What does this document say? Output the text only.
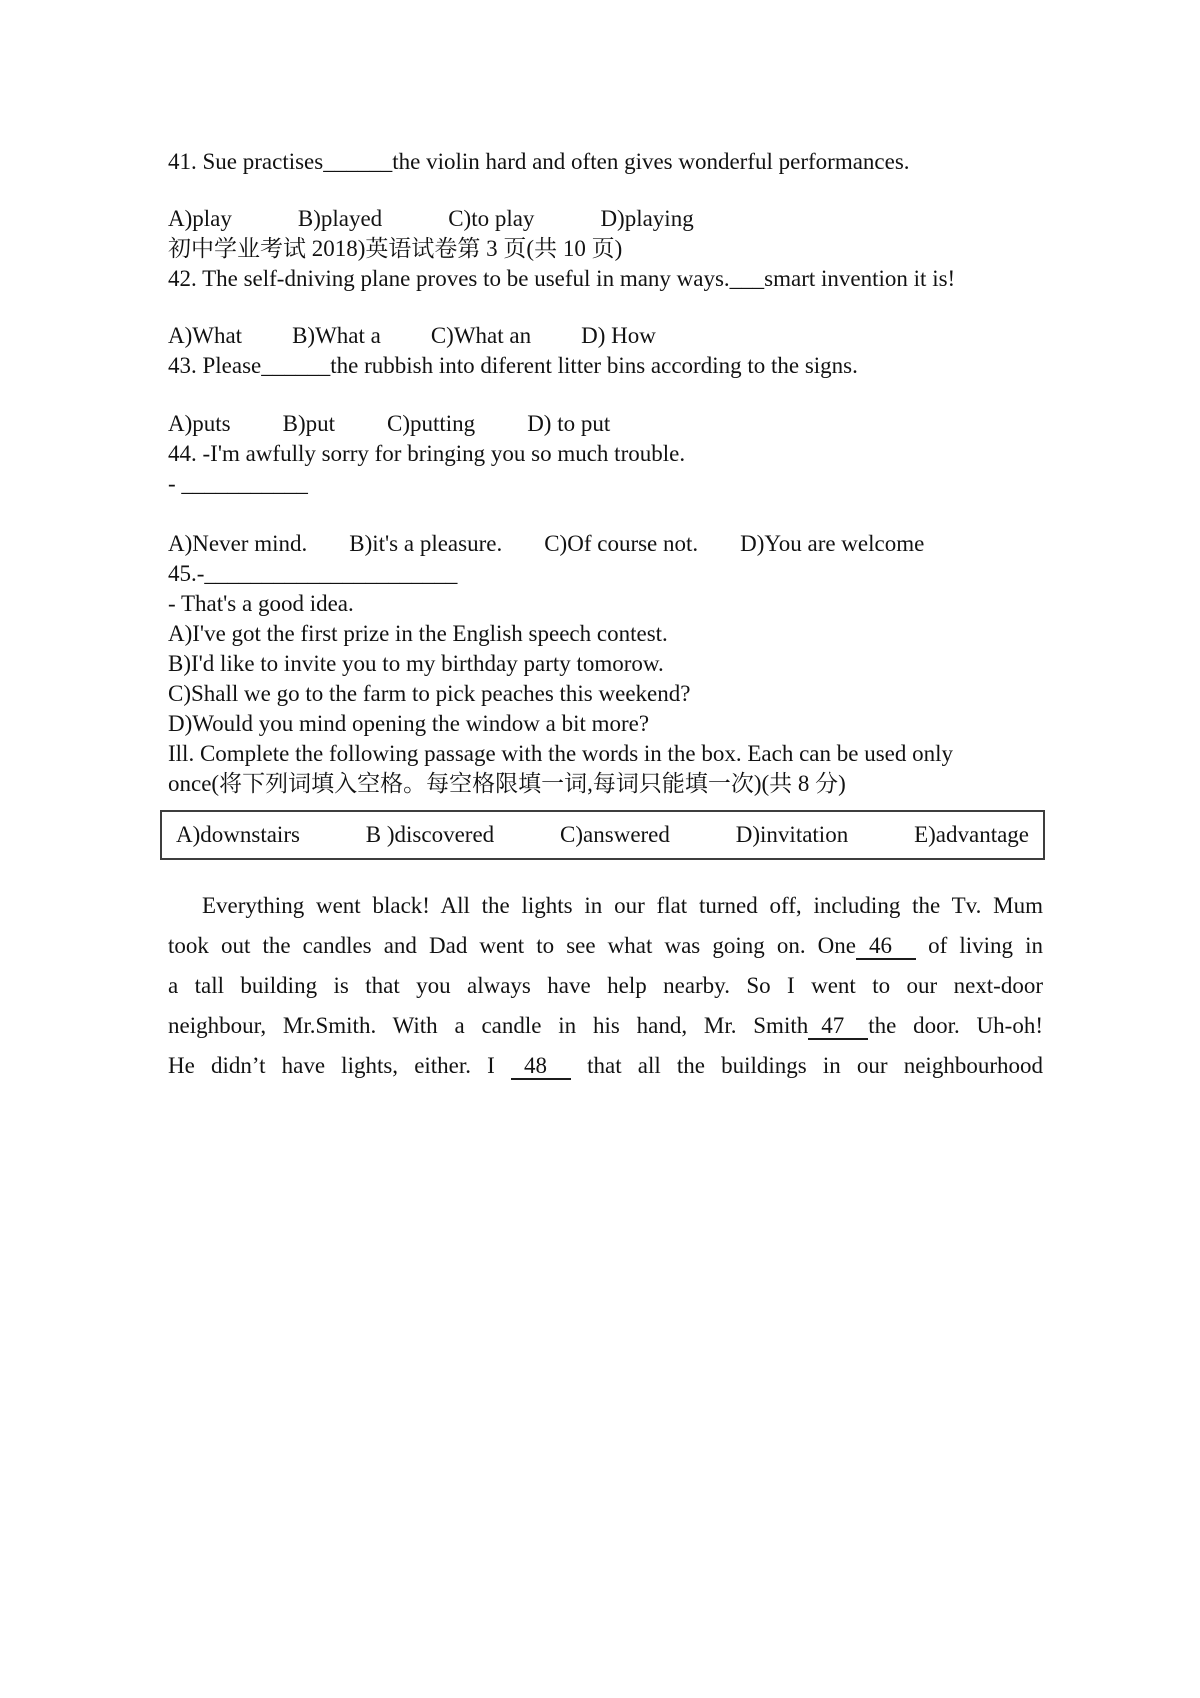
41. Sue practises______the violin hard and often gives wonderful performances.

A)play	B)played	C)to play	D)playing

初中学业考试 2018)英语试卷第 3 页(共 10 页)

42. The self-dniving plane proves to be useful in many ways.___smart invention it is!

A)What B)What a C)What an D) How

43. Please______the rubbish into diferent litter bins according to the signs.

A)puts B)put C)putting D) to put

44. -I'm awfully sorry for bringing you so much trouble.

- ___________

A)Never mind. B)it's a pleasure. C)Of course not. D)You are welcome

45.-______________________

- That's a good idea.

A)I've got the first prize in the English speech contest.

B)I'd like to invite you to my birthday party tomorow.

C)Shall we go to the farm to pick peaches this weekend?

D)Would you mind opening the window a bit more?

Ill. Complete the following passage with the words in the box. Each can be used only

once(将下列词填入空格。每空格限填一词,每词只能填一次)(共 8 分)

A)downstairs	B )discovered	C)answered	D)invitation	E)advantage

Everything went black! All the lights in our flat turned off, including the Tv. Mum

took out the candles and Dad went to see what was going on. One 46 of living in

a tall building is that you always have help nearby. So I went to our next-door

neighbour, Mr.Smith. With a candle in his hand, Mr. Smith 47 the door. Uh-oh!

He didn’t have lights, either. I 48 that all the buildings in our neighbourhood
